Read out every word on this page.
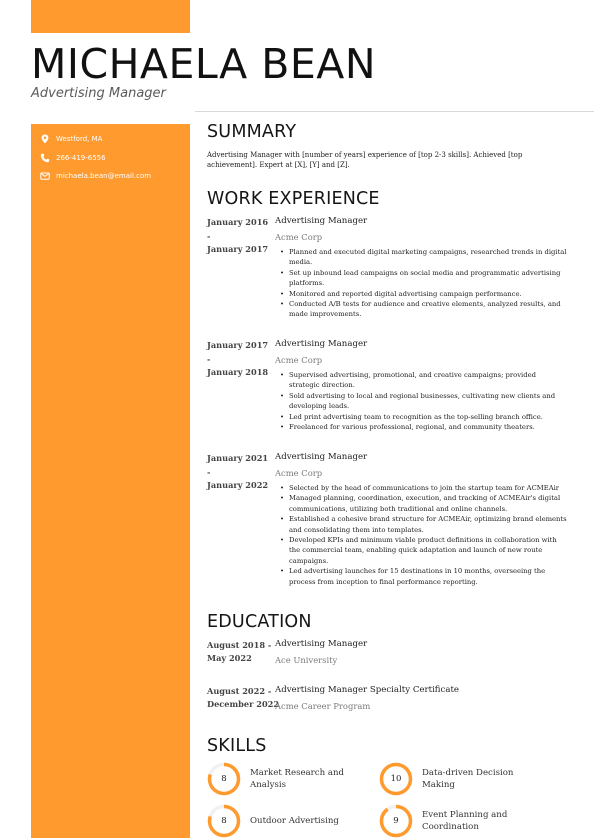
MICHAELA BEAN
Advertising Manager
Westford, MA
266-419-6556
michaela.bean@email.com
SUMMARY
Advertising Manager with [number of years] experience of [top 2-3 skills]. Achieved [top achievement]. Expert at [X], [Y] and [Z].
WORK EXPERIENCE
January 2016
-
January 2017
Advertising Manager
Acme Corp
• Planned and executed digital marketing campaigns, researched trends in digital media.
• Set up inbound lead campaigns on social media and programmatic advertising platforms.
• Monitored and reported digital advertising campaign performance.
• Conducted A/B tests for audience and creative elements, analyzed results, and made improvements.
January 2017
-
January 2018
Advertising Manager
Acme Corp
• Supervised advertising, promotional, and creative campaigns; provided strategic direction.
• Sold advertising to local and regional businesses, cultivating new clients and developing leads.
• Led print advertising team to recognition as the top-selling branch office.
• Freelanced for various professional, regional, and community theaters.
January 2021
-
January 2022
Advertising Manager
Acme Corp
• Selected by the head of communications to join the startup team for ACMEAir
• Managed planning, coordination, execution, and tracking of ACMEAir's digital communications, utilizing both traditional and online channels.
• Established a cohesive brand structure for ACMEAir, optimizing brand elements and consolidating them into templates.
• Developed KPIs and minimum viable product definitions in collaboration with the commercial team, enabling quick adaptation and launch of new route campaigns.
• Led advertising launches for 15 destinations in 10 months, overseeing the process from inception to final performance reporting.
EDUCATION
August 2018 -
May 2022
Advertising Manager
Ace University
August 2022 -
December 2022
Advertising Manager Specialty Certificate
Acme Career Program
SKILLS
8
Market Research and Analysis
10
Data-driven Decision Making
8	Outdoor Advertising	9
Event Planning and Coordination
